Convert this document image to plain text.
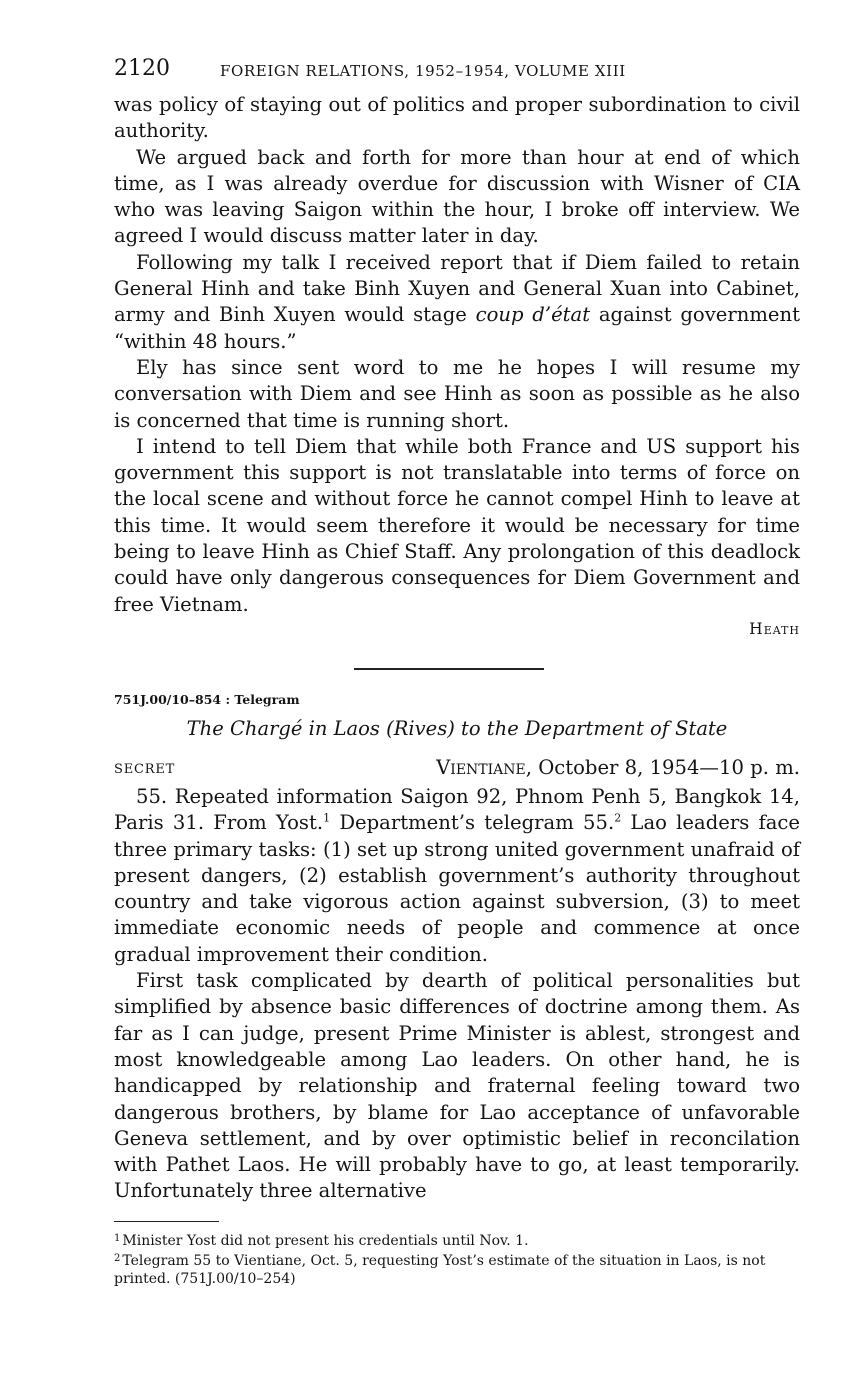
2120	FOREIGN RELATIONS, 1952–1954, VOLUME XIII

was policy of staying out of politics and proper subordination to civil authority.

We argued back and forth for more than hour at end of which time, as I was already overdue for discussion with Wisner of CIA who was leaving Saigon within the hour, I broke off interview. We agreed I would discuss matter later in day.

Following my talk I received report that if Diem failed to retain General Hinh and take Binh Xuyen and General Xuan into Cabinet, army and Binh Xuyen would stage coup d’état against government “within 48 hours.”

Ely has since sent word to me he hopes I will resume my conversation with Diem and see Hinh as soon as possible as he also is concerned that time is running short.

I intend to tell Diem that while both France and US support his government this support is not translatable into terms of force on the local scene and without force he cannot compel Hinh to leave at this time. It would seem therefore it would be necessary for time being to leave Hinh as Chief Staff. Any prolongation of this deadlock could have only dangerous consequences for Diem Government and free Vietnam.

Heath
751J.00/10–854 : Telegram
The Chargé in Laos (Rives) to the Department of State
SECRET	Vientiane, October 8, 1954—10 p. m.

55. Repeated information Saigon 92, Phnom Penh 5, Bangkok 14, Paris 31. From Yost.$^1$ Department’s telegram 55.$^2$ Lao leaders face three primary tasks: (1) set up strong united government unafraid of present dangers, (2) establish government’s authority throughout country and take vigorous action against subversion, (3) to meet immediate economic needs of people and commence at once gradual improvement their condition.

First task complicated by dearth of political personalities but simplified by absence basic differences of doctrine among them. As far as I can judge, present Prime Minister is ablest, strongest and most knowledgeable among Lao leaders. On other hand, he is handicapped by relationship and fraternal feeling toward two dangerous brothers, by blame for Lao acceptance of unfavorable Geneva settlement, and by over optimistic belief in reconcilation with Pathet Laos. He will probably have to go, at least temporarily. Unfortunately three alternative

$^1$ Minister Yost did not present his credentials until Nov. 1.

$^2$ Telegram 55 to Vientiane, Oct. 5, requesting Yost’s estimate of the situation in Laos, is not printed. (751J.00/10–254)
